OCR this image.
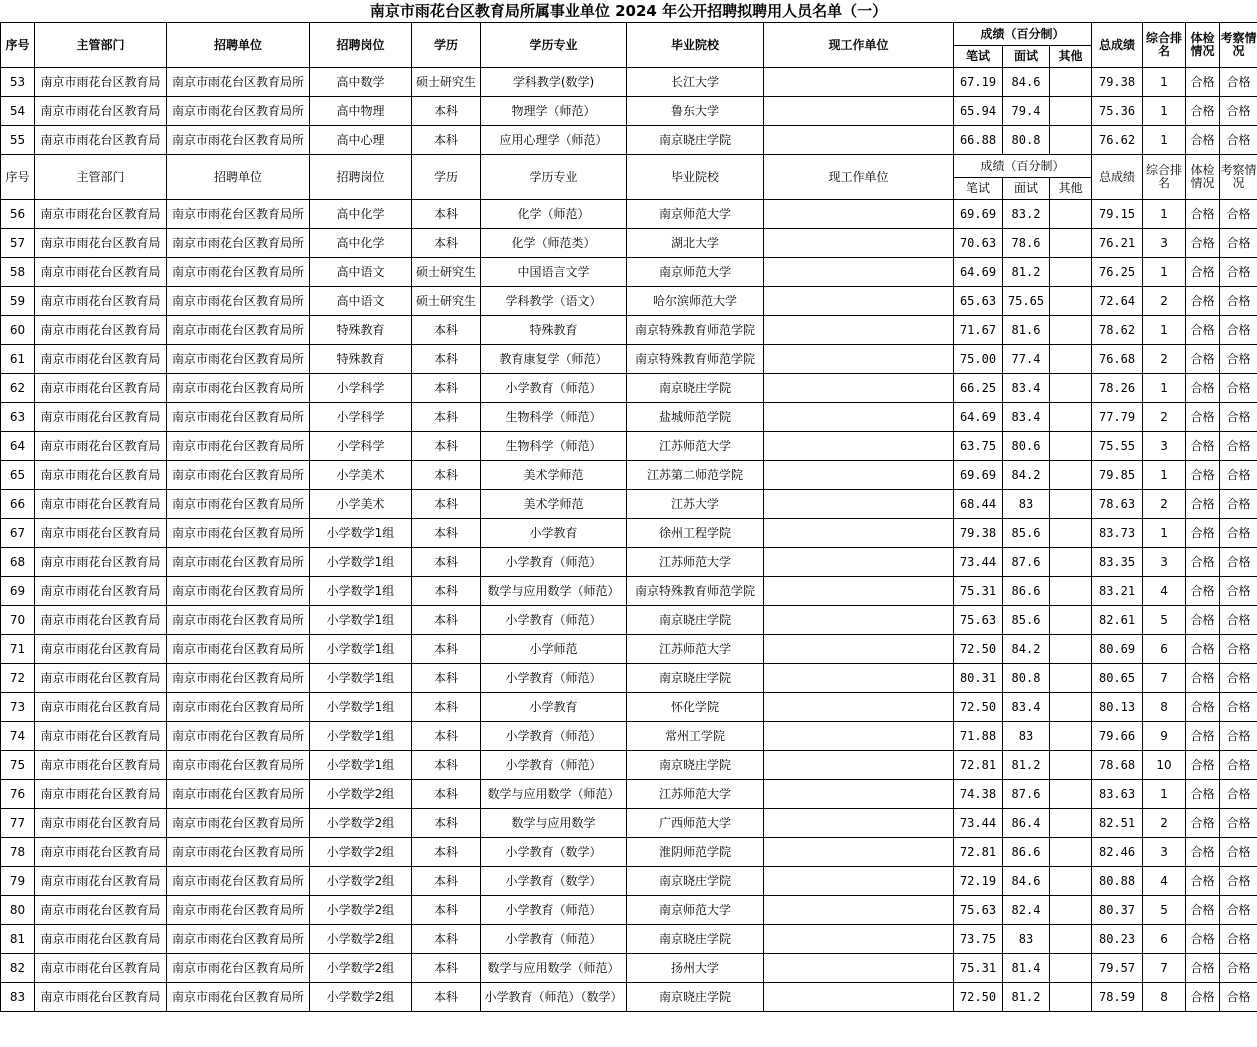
南京市雨花台区教育局所属事业单位 2024 年公开招聘拟聘用人员名单（一）
序号	主管部门	招聘单位	招聘岗位	学历	学历专业	毕业院校	现工作单位	成绩（百分制）			总成绩	综合排名	体检情况	考察情况
								笔试	面试	其他				
53	南京市雨花台区教育局	南京市雨花台区教育局所	高中数学	硕士研究生	学科教学(数学)	长江大学		67.19	84.6		79.38	1	合格	合格
54	南京市雨花台区教育局	南京市雨花台区教育局所	高中物理	本科	物理学（师范）	鲁东大学		65.94	79.4		75.36	1	合格	合格
55	南京市雨花台区教育局	南京市雨花台区教育局所	高中心理	本科	应用心理学（师范）	南京晓庄学院		66.88	80.8		76.62	1	合格	合格
序号	主管部门	招聘单位	招聘岗位	学历	学历专业	毕业院校	现工作单位	成绩（百分制）			总成绩	综合排名	体检情况	考察情况
								笔试	面试	其他				
56	南京市雨花台区教育局	南京市雨花台区教育局所	高中化学	本科	化学（师范）	南京师范大学		69.69	83.2		79.15	1	合格	合格
57	南京市雨花台区教育局	南京市雨花台区教育局所	高中化学	本科	化学（师范类）	湖北大学		70.63	78.6		76.21	3	合格	合格
58	南京市雨花台区教育局	南京市雨花台区教育局所	高中语文	硕士研究生	中国语言文学	南京师范大学		64.69	81.2		76.25	1	合格	合格
59	南京市雨花台区教育局	南京市雨花台区教育局所	高中语文	硕士研究生	学科教学（语文）	哈尔滨师范大学		65.63	75.65		72.64	2	合格	合格
60	南京市雨花台区教育局	南京市雨花台区教育局所	特殊教育	本科	特殊教育	南京特殊教育师范学院		71.67	81.6		78.62	1	合格	合格
61	南京市雨花台区教育局	南京市雨花台区教育局所	特殊教育	本科	教育康复学（师范）	南京特殊教育师范学院		75.00	77.4		76.68	2	合格	合格
62	南京市雨花台区教育局	南京市雨花台区教育局所	小学科学	本科	小学教育（师范）	南京晓庄学院		66.25	83.4		78.26	1	合格	合格
63	南京市雨花台区教育局	南京市雨花台区教育局所	小学科学	本科	生物科学（师范）	盐城师范学院		64.69	83.4		77.79	2	合格	合格
64	南京市雨花台区教育局	南京市雨花台区教育局所	小学科学	本科	生物科学（师范）	江苏师范大学		63.75	80.6		75.55	3	合格	合格
65	南京市雨花台区教育局	南京市雨花台区教育局所	小学美术	本科	美术学师范	江苏第二师范学院		69.69	84.2		79.85	1	合格	合格
66	南京市雨花台区教育局	南京市雨花台区教育局所	小学美术	本科	美术学师范	江苏大学		68.44	83		78.63	2	合格	合格
67	南京市雨花台区教育局	南京市雨花台区教育局所	小学数学1组	本科	小学教育	徐州工程学院		79.38	85.6		83.73	1	合格	合格
68	南京市雨花台区教育局	南京市雨花台区教育局所	小学数学1组	本科	小学教育（师范）	江苏师范大学		73.44	87.6		83.35	3	合格	合格
69	南京市雨花台区教育局	南京市雨花台区教育局所	小学数学1组	本科	数学与应用数学（师范）	南京特殊教育师范学院		75.31	86.6		83.21	4	合格	合格
70	南京市雨花台区教育局	南京市雨花台区教育局所	小学数学1组	本科	小学教育（师范）	南京晓庄学院		75.63	85.6		82.61	5	合格	合格
71	南京市雨花台区教育局	南京市雨花台区教育局所	小学数学1组	本科	小学师范	江苏师范大学		72.50	84.2		80.69	6	合格	合格
72	南京市雨花台区教育局	南京市雨花台区教育局所	小学数学1组	本科	小学教育（师范）	南京晓庄学院		80.31	80.8		80.65	7	合格	合格
73	南京市雨花台区教育局	南京市雨花台区教育局所	小学数学1组	本科	小学教育	怀化学院		72.50	83.4		80.13	8	合格	合格
74	南京市雨花台区教育局	南京市雨花台区教育局所	小学数学1组	本科	小学教育（师范）	常州工学院		71.88	83		79.66	9	合格	合格
75	南京市雨花台区教育局	南京市雨花台区教育局所	小学数学1组	本科	小学教育（师范）	南京晓庄学院		72.81	81.2		78.68	10	合格	合格
76	南京市雨花台区教育局	南京市雨花台区教育局所	小学数学2组	本科	数学与应用数学（师范）	江苏师范大学		74.38	87.6		83.63	1	合格	合格
77	南京市雨花台区教育局	南京市雨花台区教育局所	小学数学2组	本科	数学与应用数学	广西师范大学		73.44	86.4		82.51	2	合格	合格
78	南京市雨花台区教育局	南京市雨花台区教育局所	小学数学2组	本科	小学教育（数学）	淮阴师范学院		72.81	86.6		82.46	3	合格	合格
79	南京市雨花台区教育局	南京市雨花台区教育局所	小学数学2组	本科	小学教育（数学）	南京晓庄学院		72.19	84.6		80.88	4	合格	合格
80	南京市雨花台区教育局	南京市雨花台区教育局所	小学数学2组	本科	小学教育（师范）	南京师范大学		75.63	82.4		80.37	5	合格	合格
81	南京市雨花台区教育局	南京市雨花台区教育局所	小学数学2组	本科	小学教育（师范）	南京晓庄学院		73.75	83		80.23	6	合格	合格
82	南京市雨花台区教育局	南京市雨花台区教育局所	小学数学2组	本科	数学与应用数学（师范）	扬州大学		75.31	81.4		79.57	7	合格	合格
83	南京市雨花台区教育局	南京市雨花台区教育局所	小学数学2组	本科	小学教育（师范）（数学）	南京晓庄学院		72.50	81.2		78.59	8	合格	合格
